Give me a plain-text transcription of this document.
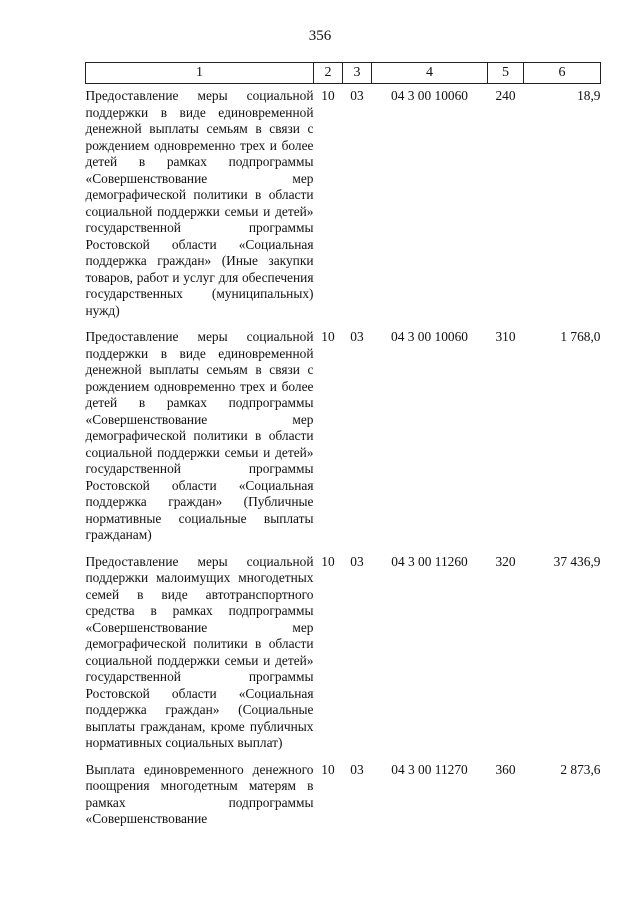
356
1	2	3	4	5	6
Предоставление меры социальной поддержки в виде единовременной денежной выплаты семьям в связи с рождением одновременно трех и более детей в рамках подпрограммы «Совершенствование мер демографической политики в области социальной поддержки семьи и детей» государственной программы Ростовской области «Социальная поддержка граждан» (Иные закупки товаров, работ и услуг для обеспечения государственных (муниципальных) нужд)	10	03	04 3 00 10060	240	18,9

Предоставление меры социальной поддержки в виде единовременной денежной выплаты семьям в связи с рождением одновременно трех и более детей в рамках подпрограммы «Совершенствование мер демографической политики в области социальной поддержки семьи и детей» государственной программы Ростовской области «Социальная поддержка граждан» (Публичные нормативные социальные выплаты гражданам)	10	03	04 3 00 10060	310	1 768,0

Предоставление меры социальной поддержки малоимущих многодетных семей в виде автотранспортного средства в рамках подпрограммы «Совершенствование мер демографической политики в области социальной поддержки семьи и детей» государственной программы Ростовской области «Социальная поддержка граждан» (Социальные выплаты гражданам, кроме публичных нормативных социальных выплат)	10	03	04 3 00 11260	320	37 436,9

Выплата единовременного денежного поощрения многодетным матерям в рамках подпрограммы «Совершенствование	10	03	04 3 00 11270	360	2 873,6
